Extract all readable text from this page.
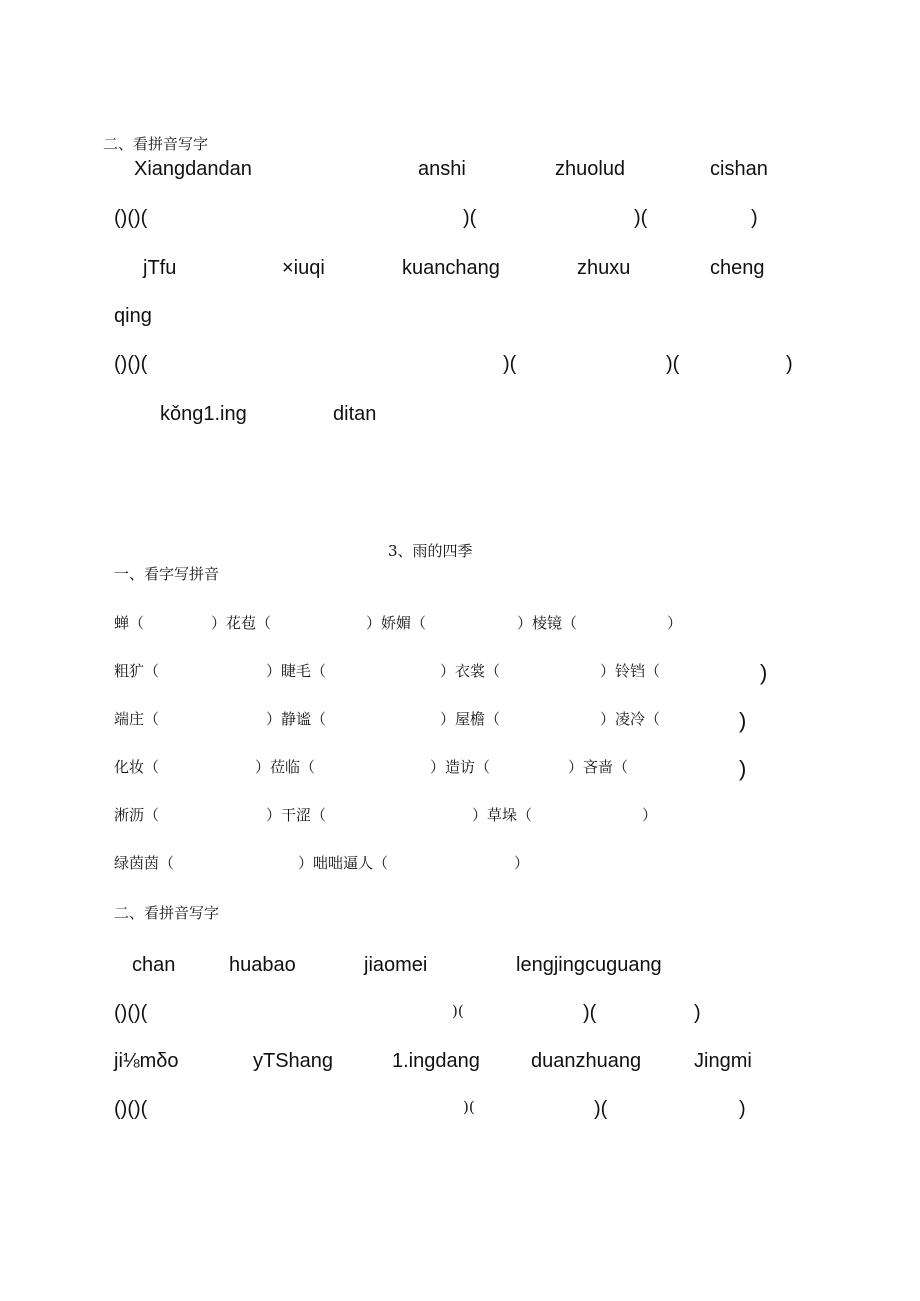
二、看拼音写字
Xiangdandan	anshi	zhuolud	cishan
()()(	)(	)(	)
jTfu	×iuqi	kuanchang	zhuxu	cheng
qing
()()(	)(	)(	)
kǒng1.ing	ditan
3、雨的四季
一、看字写拼音
蝉（	）花苞（	）娇媚（	）棱镜（	）
粗犷（	）睫毛（	）衣裳（	）铃铛（	)
端庄（	）静谧（	）屋檐（	）凌冷（	)
化妆（	）莅临（	）造访（	）吝啬（	)
淅沥（	）干涩（	）草垛（	）
绿茵茵（	）咄咄逼人（	）
二、看拼音写字
chan	huabao	jiaomei	lengjingcuguang
()()(	)(	)(	)
ji⅛mδo	yTShang	1.ingdang	duanzhuang	Jingmi
()()(	)(	)(	)
